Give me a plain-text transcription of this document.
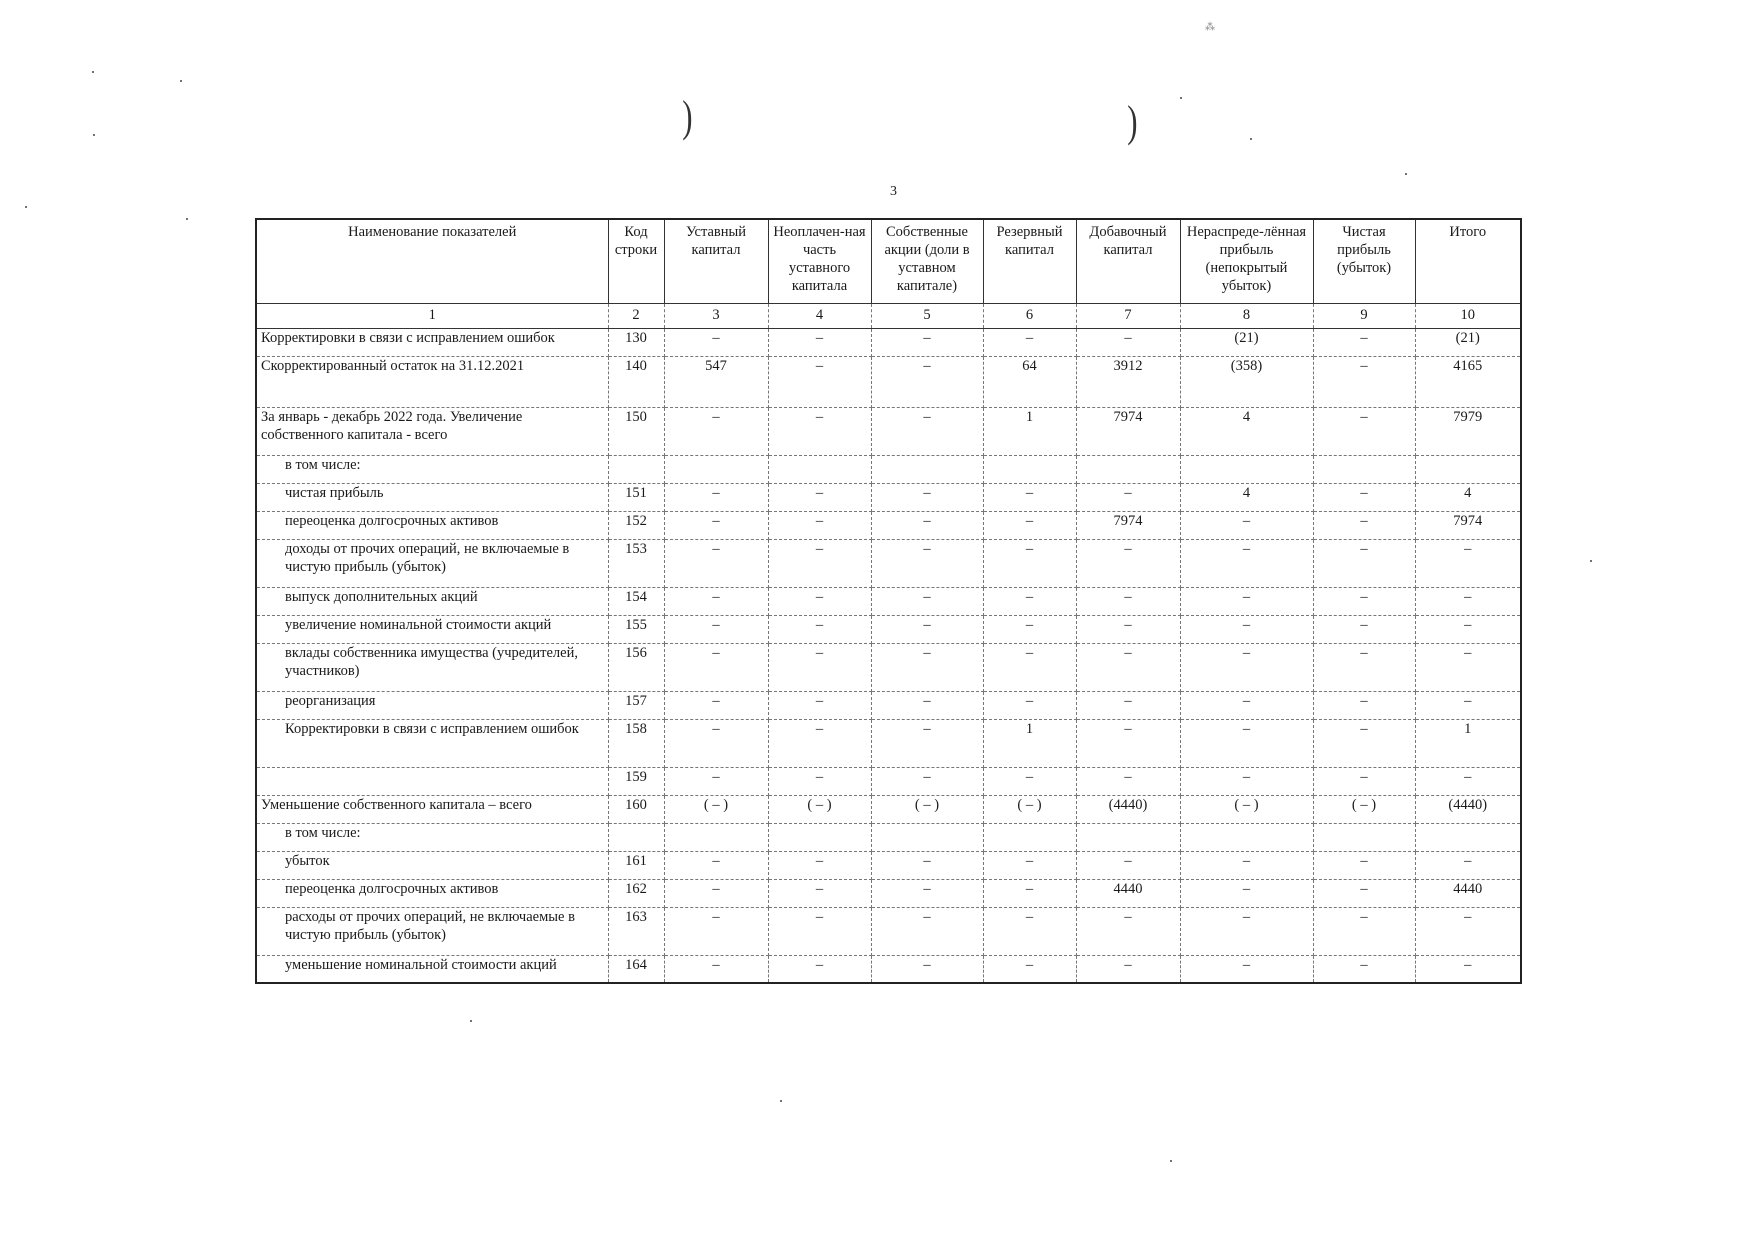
)	)
⁂
3
Наименование показателей	Код строки	Уставный капитал	Неоплачен-ная часть уставного капитала	Собственные акции (доли в уставном капитале)	Резервный капитал	Добавочный капитал	Нераспреде-лённая прибыль (непокрытый убыток)	Чистая прибыль (убыток)	Итого
1	2	3	4	5	6	7	8	9	10
Корректировки в связи с исправлением ошибок	130	–	–	–	–	–	(21)	–	(21)
Скорректированный остаток на 31.12.2021	140	547	–	–	64	3912	(358)	–	4165
За январь - декабрь 2022 года. Увеличение собственного капитала - всего	150	–	–	–	1	7974	4	–	7979
в том числе:									
чистая прибыль	151	–	–	–	–	–	4	–	4
переоценка долгосрочных активов	152	–	–	–	–	7974	–	–	7974
доходы от прочих операций, не включаемые в чистую прибыль (убыток)	153	–	–	–	–	–	–	–	–
выпуск дополнительных акций	154	–	–	–	–	–	–	–	–
увеличение номинальной стоимости акций	155	–	–	–	–	–	–	–	–
вклады собственника имущества (учредителей, участников)	156	–	–	–	–	–	–	–	–
реорганизация	157	–	–	–	–	–	–	–	–
Корректировки в связи с исправлением ошибок	158	–	–	–	1	–	–	–	1
	159	–	–	–	–	–	–	–	–
Уменьшение собственного капитала – всего	160	( – )	( – )	( – )	( – )	(4440)	( – )	( – )	(4440)
в том числе:									
убыток	161	–	–	–	–	–	–	–	–
переоценка долгосрочных активов	162	–	–	–	–	4440	–	–	4440
расходы от прочих операций, не включаемые в чистую прибыль (убыток)	163	–	–	–	–	–	–	–	–
уменьшение номинальной стоимости акций	164	–	–	–	–	–	–	–	–
